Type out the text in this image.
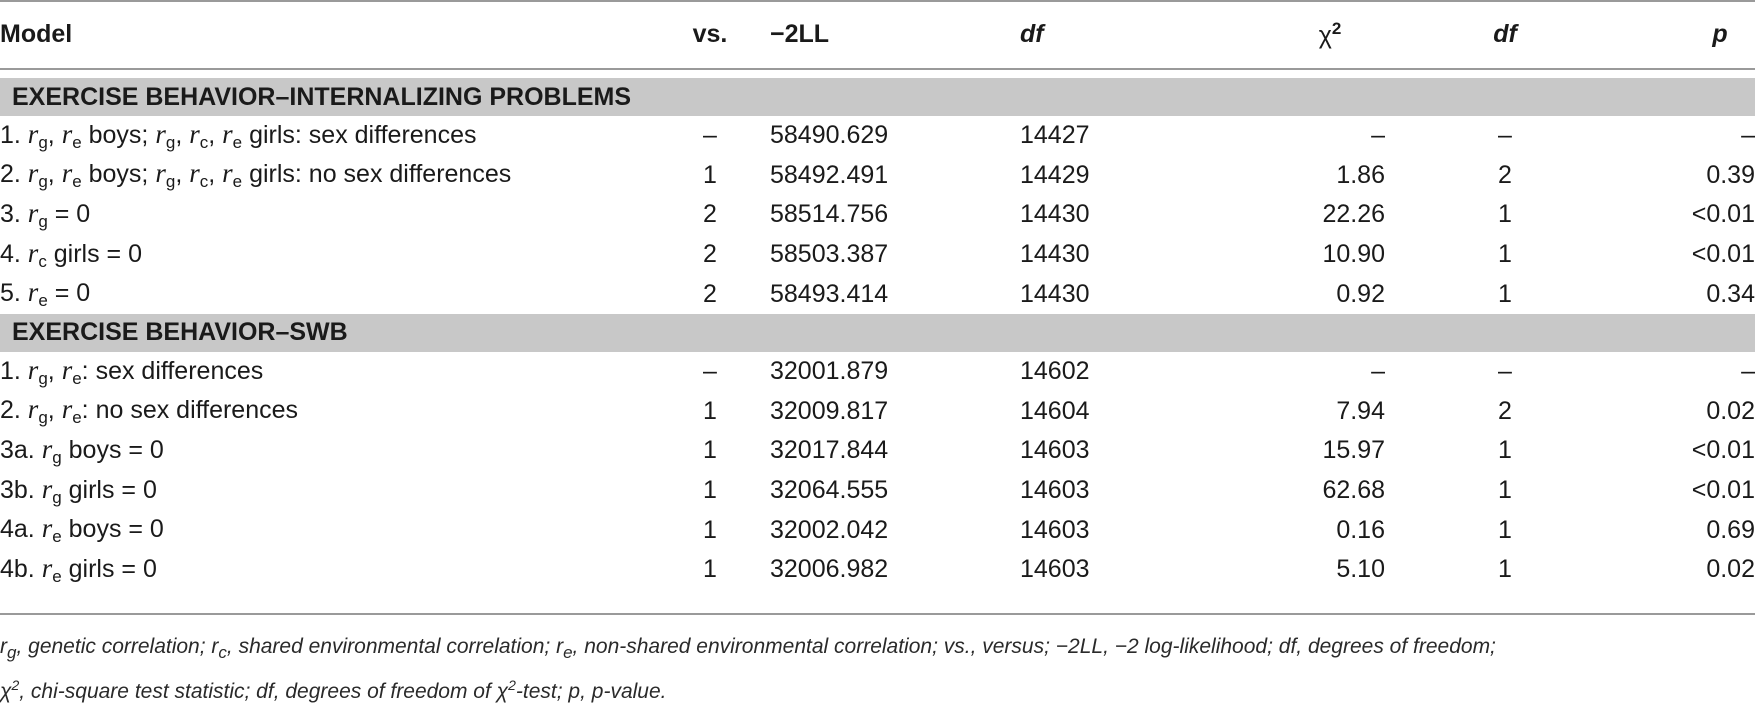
Model	vs.	−2LL	df	$\chi^2$	df	p

EXERCISE BEHAVIOR–INTERNALIZING PROBLEMS						
1. $r_g$, $r_e$ boys; $r_g$, $r_c$, $r_e$ girls: sex differences	–	58490.629	14427	–	–	–
2. $r_g$, $r_e$ boys; $r_g$, $r_c$, $r_e$ girls: no sex differences	1	58492.491	14429	1.86	2	0.39
3. $r_g = 0$	2	58514.756	14430	22.26	1	<0.01
4. $r_c$ girls = 0	2	58503.387	14430	10.90	1	<0.01
5. $r_e = 0$	2	58493.414	14430	0.92	1	0.34
EXERCISE BEHAVIOR–SWB						
1. $r_g$, $r_e$: sex differences	–	32001.879	14602	–	–	–
2. $r_g$, $r_e$: no sex differences	1	32009.817	14604	7.94	2	0.02
3a. $r_g$ boys = 0	1	32017.844	14603	15.97	1	<0.01
3b. $r_g$ girls = 0	1	32064.555	14603	62.68	1	<0.01
4a. $r_e$ boys = 0	1	32002.042	14603	0.16	1	0.69
4b. $r_e$ girls = 0	1	32006.982	14603	5.10	1	0.02
$r_g$, genetic correlation; $r_c$, shared environmental correlation; $r_e$, non-shared environmental correlation; vs., versus; −2LL, −2 log-likelihood; df, degrees of freedom;
$\chi^2$, chi-square test statistic; df, degrees of freedom of $\chi^2$-test; p, p-value.
